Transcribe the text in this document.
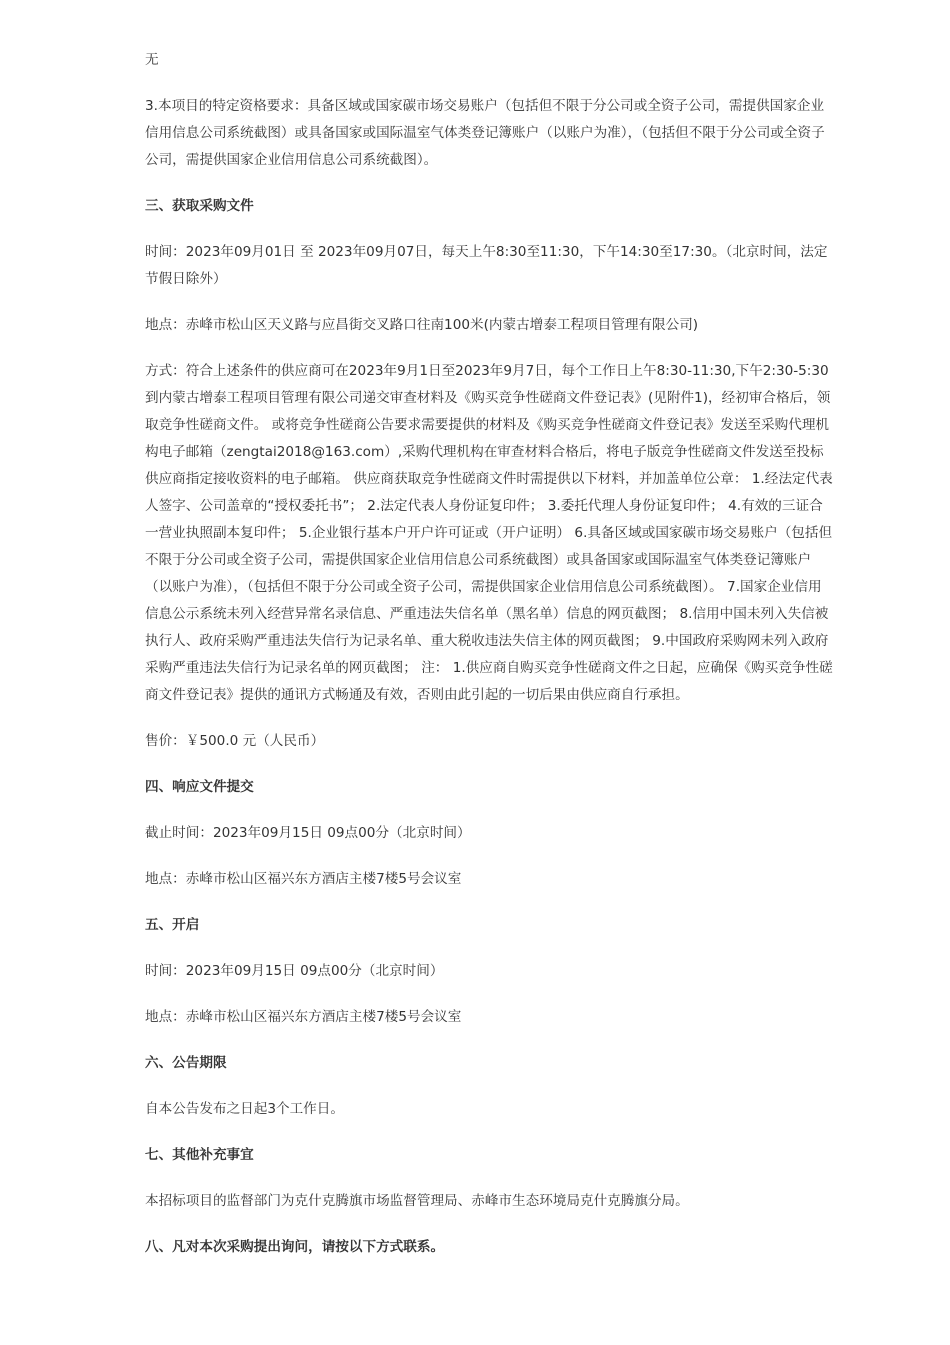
无

3.本项目的特定资格要求：具备区域或国家碳市场交易账户（包括但不限于分公司或全资子公司，需提供国家企业信用信息公司系统截图）或具备国家或国际温室气体类登记簿账户（以账户为准），（包括但不限于分公司或全资子公司，需提供国家企业信用信息公司系统截图）。

三、获取采购文件

时间：2023年09月01日 至 2023年09月07日，每天上午8:30至11:30，下午14:30至17:30。（北京时间，法定节假日除外）

地点：赤峰市松山区天义路与应昌街交叉路口往南100米(内蒙古增泰工程项目管理有限公司)

方式：符合上述条件的供应商可在2023年9月1日至2023年9月7日，每个工作日上午8:30-11:30,下午2:30-5:30到内蒙古增泰工程项目管理有限公司递交审查材料及《购买竞争性磋商文件登记表》(见附件1)，经初审合格后，领取竞争性磋商文件。 或将竞争性磋商公告要求需要提供的材料及《购买竞争性磋商文件登记表》发送至采购代理机构电子邮箱（zengtai2018@163.com）,采购代理机构在审查材料合格后，将电子版竞争性磋商文件发送至投标供应商指定接收资料的电子邮箱。 供应商获取竞争性磋商文件时需提供以下材料，并加盖单位公章： 1.经法定代表人签字、公司盖章的“授权委托书”； 2.法定代表人身份证复印件； 3.委托代理人身份证复印件； 4.有效的三证合一营业执照副本复印件； 5.企业银行基本户开户许可证或（开户证明） 6.具备区域或国家碳市场交易账户（包括但不限于分公司或全资子公司，需提供国家企业信用信息公司系统截图）或具备国家或国际温室气体类登记簿账户（以账户为准），（包括但不限于分公司或全资子公司，需提供国家企业信用信息公司系统截图）。 7.国家企业信用信息公示系统未列入经营异常名录信息、严重违法失信名单（黑名单）信息的网页截图； 8.信用中国未列入失信被执行人、政府采购严重违法失信行为记录名单、重大税收违法失信主体的网页截图； 9.中国政府采购网未列入政府采购严重违法失信行为记录名单的网页截图； 注： 1.供应商自购买竞争性磋商文件之日起，应确保《购买竞争性磋商文件登记表》提供的通讯方式畅通及有效，否则由此引起的一切后果由供应商自行承担。

售价：￥500.0 元（人民币）

四、响应文件提交

截止时间：2023年09月15日 09点00分（北京时间）

地点：赤峰市松山区福兴东方酒店主楼7楼5号会议室

五、开启

时间：2023年09月15日 09点00分（北京时间）

地点：赤峰市松山区福兴东方酒店主楼7楼5号会议室

六、公告期限

自本公告发布之日起3个工作日。

七、其他补充事宜

本招标项目的监督部门为克什克腾旗市场监督管理局、赤峰市生态环境局克什克腾旗分局。

八、凡对本次采购提出询问，请按以下方式联系。
